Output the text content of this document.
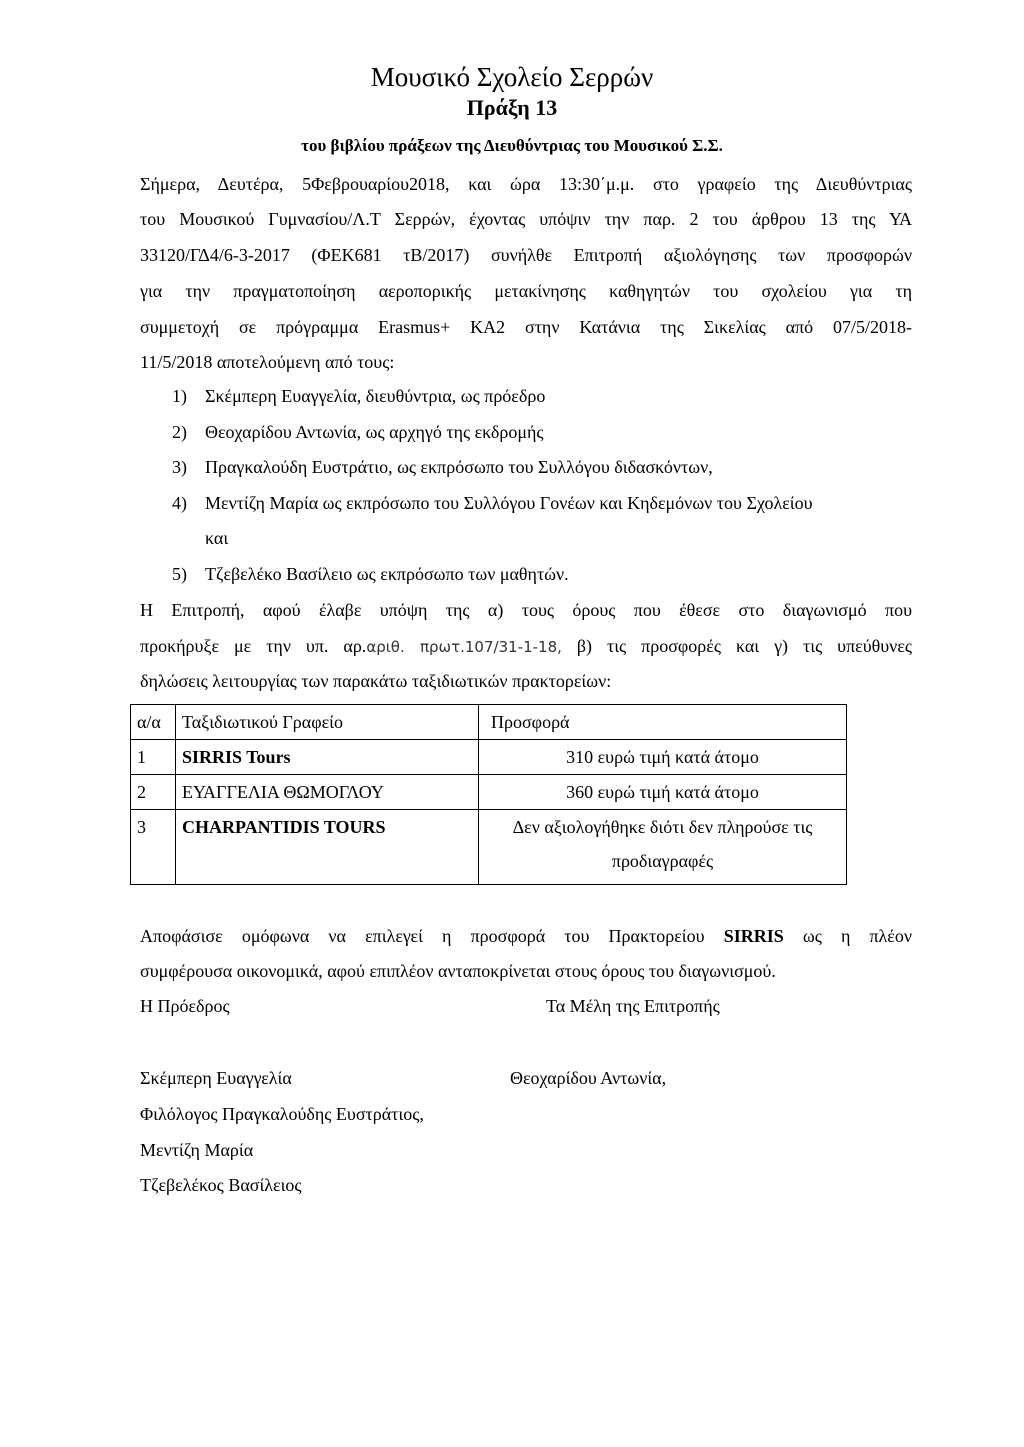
Μουσικό Σχολείο Σερρών
Πράξη 13
του βιβλίου πράξεων της Διευθύντριας του Μουσικού Σ.Σ.
Σήμερα, Δευτέρα, 5Φεβρουαρίου2018, και ώρα 13:30΄μ.μ. στο γραφείο της Διευθύντριας
του Μουσικού Γυμνασίου/Λ.Τ Σερρών, έχοντας υπόψιν την παρ. 2 του άρθρου 13 της ΥΑ
33120/ΓΔ4/6-3-2017 (ΦΕΚ681 τΒ/2017) συνήλθε Επιτροπή αξιολόγησης των προσφορών
για την πραγματοποίηση αεροπορικής μετακίνησης καθηγητών του σχολείου για τη
συμμετοχή σε πρόγραμμα Erasmus+ ΚΑ2 στην Κατάνια της Σικελίας από 07/5/2018-
11/5/2018 αποτελούμενη από τους:
1) Σκέμπερη Ευαγγελία, διευθύντρια, ως πρόεδρο
2) Θεοχαρίδου Αντωνία, ως αρχηγό της εκδρομής
3) Πραγκαλούδη Ευστράτιο, ως εκπρόσωπο του Συλλόγου διδασκόντων,
4) Μεντίζη Μαρία ως εκπρόσωπο του Συλλόγου Γονέων και Κηδεμόνων του Σχολείου
και
5) Τζεβελέκο Βασίλειο ως εκπρόσωπο των μαθητών.
Η Επιτροπή, αφού έλαβε υπόψη της α) τους όρους που έθεσε στο διαγωνισμό που
προκήρυξε με την υπ. αρ.αριθ. πρωτ.107/31-1-18, β) τις προσφορές και γ) τις υπεύθυνες
δηλώσεις λειτουργίας των παρακάτω ταξιδιωτικών πρακτορείων:
α/α	Ταξιδιωτικού Γραφείο	Προσφορά
1	SIRRIS Tours	310 ευρώ τιμή κατά άτομο
2	ΕΥΑΓΓΕΛΙΑ ΘΩΜΟΓΛΟΥ	360 ευρώ τιμή κατά άτομο
3	CHARPANTIDIS TOURS	Δεν αξιολογήθηκε διότι δεν πληρούσε τις προδιαγραφές
Αποφάσισε ομόφωνα να επιλεγεί η προσφορά του Πρακτορείου SIRRIS ως η πλέον
συμφέρουσα οικονομικά, αφού επιπλέον ανταποκρίνεται στους όρους του διαγωνισμού.
Η Πρόεδρος	Τα Μέλη της Επιτροπής
Σκέμπερη Ευαγγελία	Θεοχαρίδου Αντωνία,
Φιλόλογος Πραγκαλούδης Ευστράτιος,
Μεντίζη Μαρία
Τζεβελέκος Βασίλειος
